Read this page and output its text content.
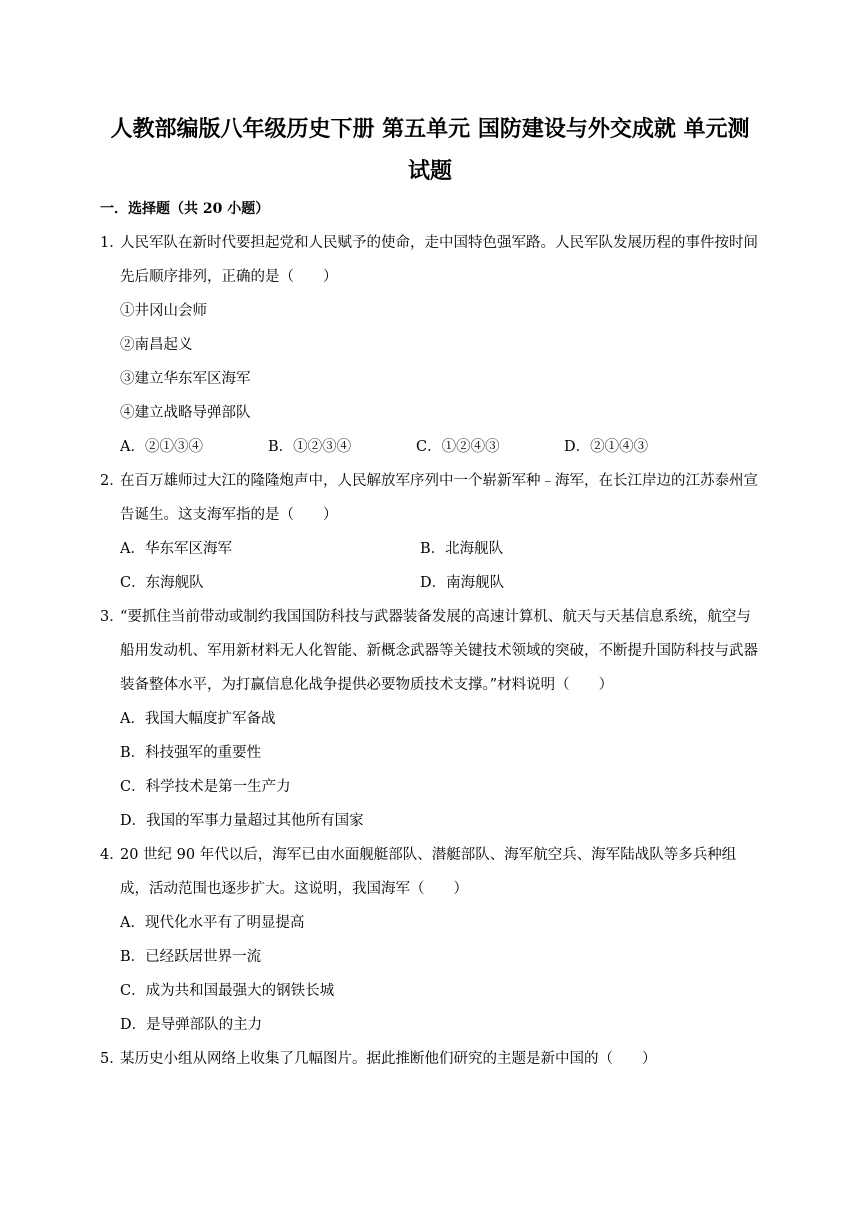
人教部编版八年级历史下册 第五单元 国防建设与外交成就 单元测
试题

一．选择题（共 20 小题）

1．
人民军队在新时代要担起党和人民赋予的使命，走中国特色强军路。人民军队发展历程的事件按时间先后顺序排列，正确的是（　　）
①井冈山会师
②南昌起义
③建立华东军区海军
④建立战略导弹部队
A．②①③④	B．①②③④	C．①②④③	D．②①④③
2．
在百万雄师过大江的隆隆炮声中，人民解放军序列中一个崭新军种﹣海军，在长江岸边的江苏泰州宣告诞生。这支海军指的是（　　）
A．华东军区海军	B．北海舰队
C．东海舰队	D．南海舰队
3．
“要抓住当前带动或制约我国国防科技与武器装备发展的高速计算机、航天与天基信息系统，航空与船用发动机、军用新材料无人化智能、新概念武器等关键技术领域的突破，不断提升国防科技与武器装备整体水平，为打赢信息化战争提供必要物质技术支撑。”材料说明（　　）
A．我国大幅度扩军备战
B．科技强军的重要性
C．科学技术是第一生产力
D．我国的军事力量超过其他所有国家
4．
20 世纪 90 年代以后，海军已由水面舰艇部队、潜艇部队、海军航空兵、海军陆战队等多兵种组成，活动范围也逐步扩大。这说明，我国海军（　　）
A．现代化水平有了明显提高
B．已经跃居世界一流
C．成为共和国最强大的钢铁长城
D．是导弹部队的主力
5．
某历史小组从网络上收集了几幅图片。据此推断他们研究的主题是新中国的（　　）
